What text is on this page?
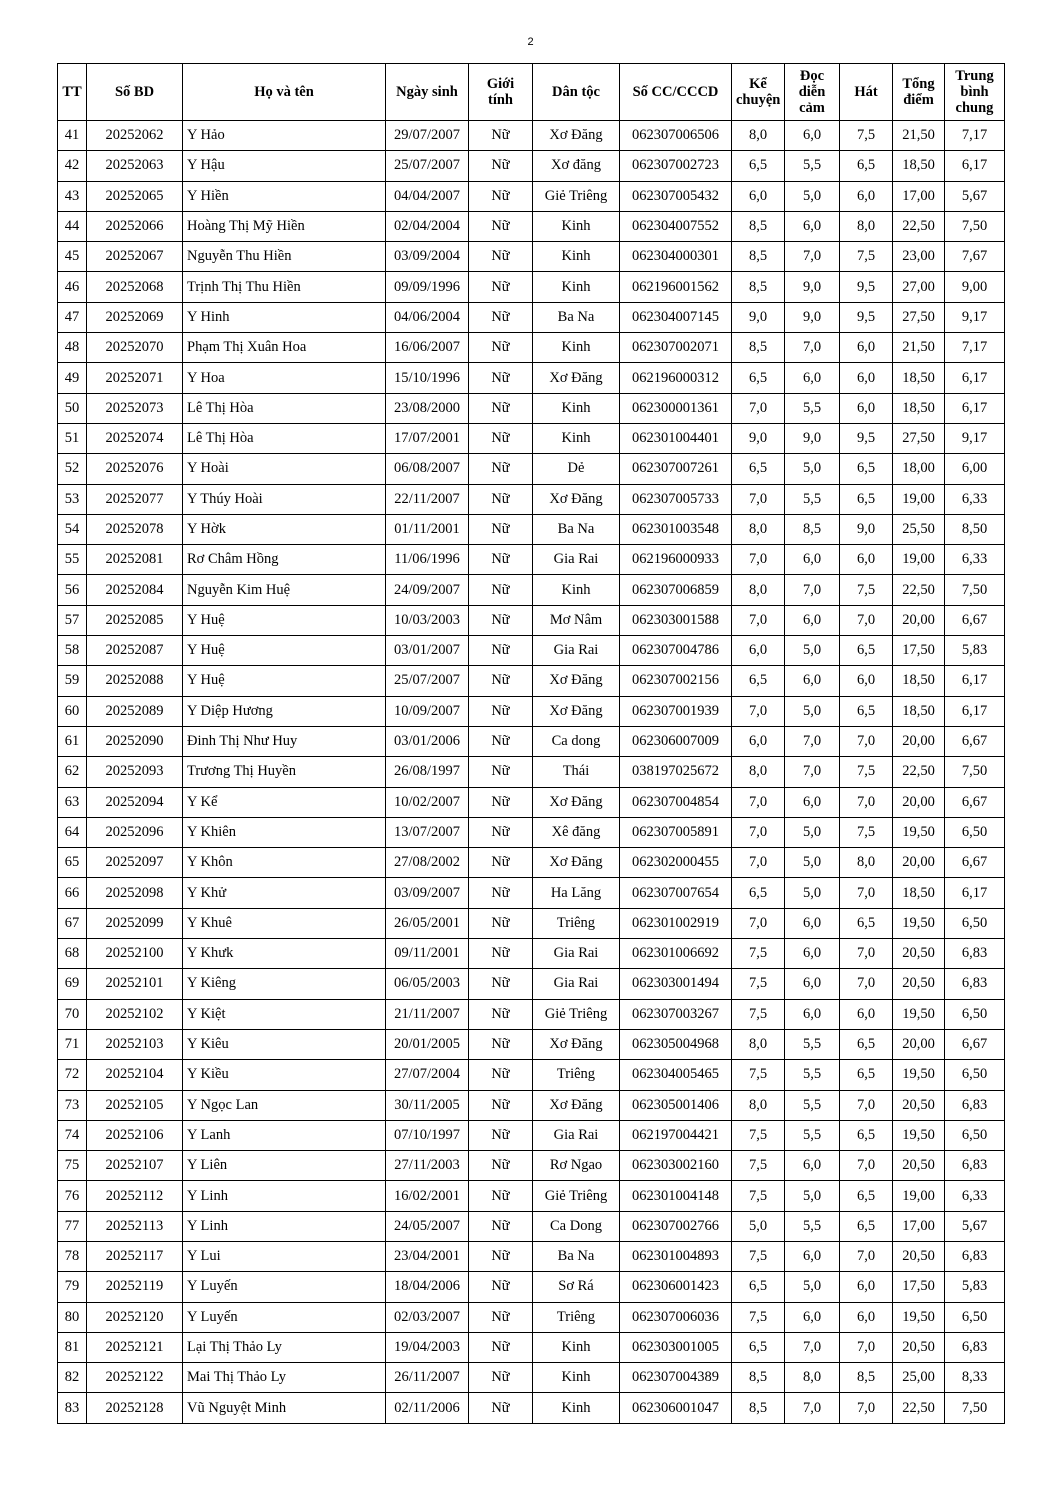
2
TT	Số BD	Họ và tên	Ngày sinh	Giới tính	Dân tộc	Số CC/CCCD	Kể chuyện	Đọc diễn cảm	Hát	Tổng điểm	Trung bình chung
41	20252062	Y Hảo	29/07/2007	Nữ	Xơ Đăng	062307006506	8,0	6,0	7,5	21,50	7,17
42	20252063	Y Hậu	25/07/2007	Nữ	Xơ đăng	062307002723	6,5	5,5	6,5	18,50	6,17
43	20252065	Y Hiền	04/04/2007	Nữ	Giẻ Triêng	062307005432	6,0	5,0	6,0	17,00	5,67
44	20252066	Hoàng Thị Mỹ Hiền	02/04/2004	Nữ	Kinh	062304007552	8,5	6,0	8,0	22,50	7,50
45	20252067	Nguyễn Thu Hiền	03/09/2004	Nữ	Kinh	062304000301	8,5	7,0	7,5	23,00	7,67
46	20252068	Trịnh Thị Thu Hiền	09/09/1996	Nữ	Kinh	062196001562	8,5	9,0	9,5	27,00	9,00
47	20252069	Y Hinh	04/06/2004	Nữ	Ba Na	062304007145	9,0	9,0	9,5	27,50	9,17
48	20252070	Phạm Thị Xuân Hoa	16/06/2007	Nữ	Kinh	062307002071	8,5	7,0	6,0	21,50	7,17
49	20252071	Y Hoa	15/10/1996	Nữ	Xơ Đăng	062196000312	6,5	6,0	6,0	18,50	6,17
50	20252073	Lê Thị Hòa	23/08/2000	Nữ	Kinh	062300001361	7,0	5,5	6,0	18,50	6,17
51	20252074	Lê Thị Hòa	17/07/2001	Nữ	Kinh	062301004401	9,0	9,0	9,5	27,50	9,17
52	20252076	Y Hoài	06/08/2007	Nữ	Dẻ	062307007261	6,5	5,0	6,5	18,00	6,00
53	20252077	Y Thúy Hoài	22/11/2007	Nữ	Xơ Đăng	062307005733	7,0	5,5	6,5	19,00	6,33
54	20252078	Y Hờk	01/11/2001	Nữ	Ba Na	062301003548	8,0	8,5	9,0	25,50	8,50
55	20252081	Rơ Châm Hồng	11/06/1996	Nữ	Gia Rai	062196000933	7,0	6,0	6,0	19,00	6,33
56	20252084	Nguyễn Kim Huệ	24/09/2007	Nữ	Kinh	062307006859	8,0	7,0	7,5	22,50	7,50
57	20252085	Y Huệ	10/03/2003	Nữ	Mơ Nâm	062303001588	7,0	6,0	7,0	20,00	6,67
58	20252087	Y Huệ	03/01/2007	Nữ	Gia Rai	062307004786	6,0	5,0	6,5	17,50	5,83
59	20252088	Y Huệ	25/07/2007	Nữ	Xơ Đăng	062307002156	6,5	6,0	6,0	18,50	6,17
60	20252089	Y Diệp Hương	10/09/2007	Nữ	Xơ Đăng	062307001939	7,0	5,0	6,5	18,50	6,17
61	20252090	Đinh Thị Như Huy	03/01/2006	Nữ	Ca dong	062306007009	6,0	7,0	7,0	20,00	6,67
62	20252093	Trương Thị Huyền	26/08/1997	Nữ	Thái	038197025672	8,0	7,0	7,5	22,50	7,50
63	20252094	Y Kể	10/02/2007	Nữ	Xơ Đăng	062307004854	7,0	6,0	7,0	20,00	6,67
64	20252096	Y Khiên	13/07/2007	Nữ	Xê đăng	062307005891	7,0	5,0	7,5	19,50	6,50
65	20252097	Y Khôn	27/08/2002	Nữ	Xơ Đăng	062302000455	7,0	5,0	8,0	20,00	6,67
66	20252098	Y Khử	03/09/2007	Nữ	Ha Lăng	062307007654	6,5	5,0	7,0	18,50	6,17
67	20252099	Y Khuê	26/05/2001	Nữ	Triêng	062301002919	7,0	6,0	6,5	19,50	6,50
68	20252100	Y Khưk	09/11/2001	Nữ	Gia Rai	062301006692	7,5	6,0	7,0	20,50	6,83
69	20252101	Y Kiêng	06/05/2003	Nữ	Gia Rai	062303001494	7,5	6,0	7,0	20,50	6,83
70	20252102	Y Kiệt	21/11/2007	Nữ	Giẻ Triêng	062307003267	7,5	6,0	6,0	19,50	6,50
71	20252103	Y Kiêu	20/01/2005	Nữ	Xơ Đăng	062305004968	8,0	5,5	6,5	20,00	6,67
72	20252104	Y Kiều	27/07/2004	Nữ	Triêng	062304005465	7,5	5,5	6,5	19,50	6,50
73	20252105	Y Ngọc Lan	30/11/2005	Nữ	Xơ Đăng	062305001406	8,0	5,5	7,0	20,50	6,83
74	20252106	Y Lanh	07/10/1997	Nữ	Gia Rai	062197004421	7,5	5,5	6,5	19,50	6,50
75	20252107	Y Liên	27/11/2003	Nữ	Rơ Ngao	062303002160	7,5	6,0	7,0	20,50	6,83
76	20252112	Y Linh	16/02/2001	Nữ	Giẻ Triêng	062301004148	7,5	5,0	6,5	19,00	6,33
77	20252113	Y Linh	24/05/2007	Nữ	Ca Dong	062307002766	5,0	5,5	6,5	17,00	5,67
78	20252117	Y Lui	23/04/2001	Nữ	Ba Na	062301004893	7,5	6,0	7,0	20,50	6,83
79	20252119	Y Luyến	18/04/2006	Nữ	Sơ Rá	062306001423	6,5	5,0	6,0	17,50	5,83
80	20252120	Y Luyến	02/03/2007	Nữ	Triêng	062307006036	7,5	6,0	6,0	19,50	6,50
81	20252121	Lại Thị Thảo Ly	19/04/2003	Nữ	Kinh	062303001005	6,5	7,0	7,0	20,50	6,83
82	20252122	Mai Thị Thảo Ly	26/11/2007	Nữ	Kinh	062307004389	8,5	8,0	8,5	25,00	8,33
83	20252128	Vũ Nguyệt Minh	02/11/2006	Nữ	Kinh	062306001047	8,5	7,0	7,0	22,50	7,50
